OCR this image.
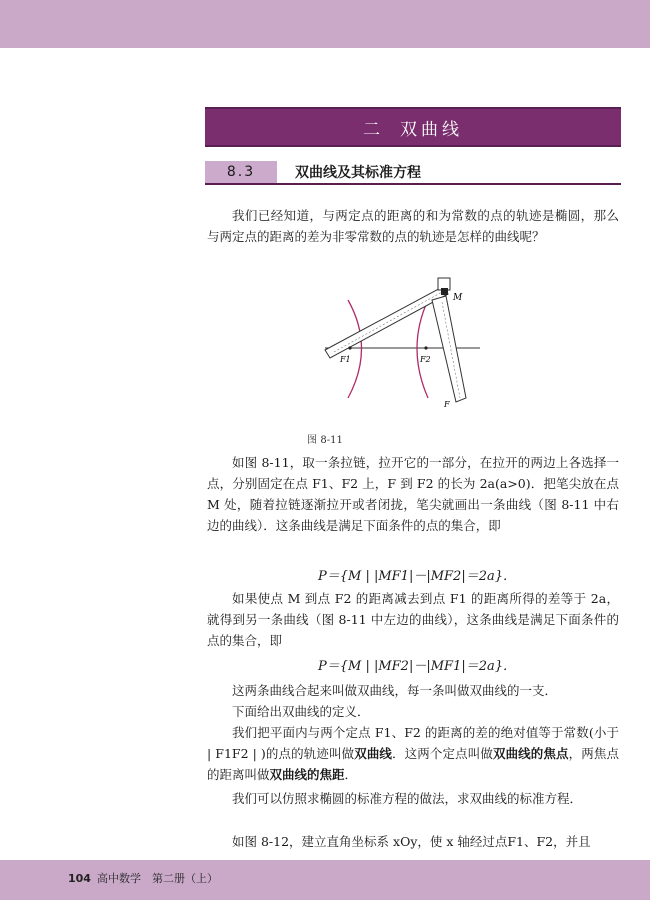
二 双曲线
8.3	双曲线及其标准方程

我们已经知道，与两定点的距离的和为常数的点的轨迹是椭圆，那么与两定点的距离的差为非零常数的点的轨迹是怎样的曲线呢？

M
F1	F2
F
图 8-11

如图 8-11，取一条拉链，拉开它的一部分，在拉开的两边上各选择一点，分别固定在点 F1、F2 上，F 到 F2 的长为 2a(a>0)．把笔尖放在点 M 处，随着拉链逐渐拉开或者闭拢，笔尖就画出一条曲线（图 8-11 中右边的曲线）．这条曲线是满足下面条件的点的集合，即

P＝{M | |MF1|－|MF2|＝2a}．

如果使点 M 到点 F2 的距离减去到点 F1 的距离所得的差等于 2a，就得到另一条曲线（图 8-11 中左边的曲线），这条曲线是满足下面条件的点的集合，即

P＝{M | |MF2|－|MF1|＝2a}．

这两条曲线合起来叫做双曲线，每一条叫做双曲线的一支．

下面给出双曲线的定义．

我们把平面内与两个定点 F1、F2 的距离的差的绝对值等于常数(小于 | F1F2 | )的点的轨迹叫做双曲线．这两个定点叫做双曲线的焦点，两焦点的距离叫做双曲线的焦距．

我们可以仿照求椭圆的标准方程的做法，求双曲线的标准方程．

如图 8-12，建立直角坐标系 xOy，使 x 轴经过点F1、F2，并且

104 高中数学　第二册（上）
